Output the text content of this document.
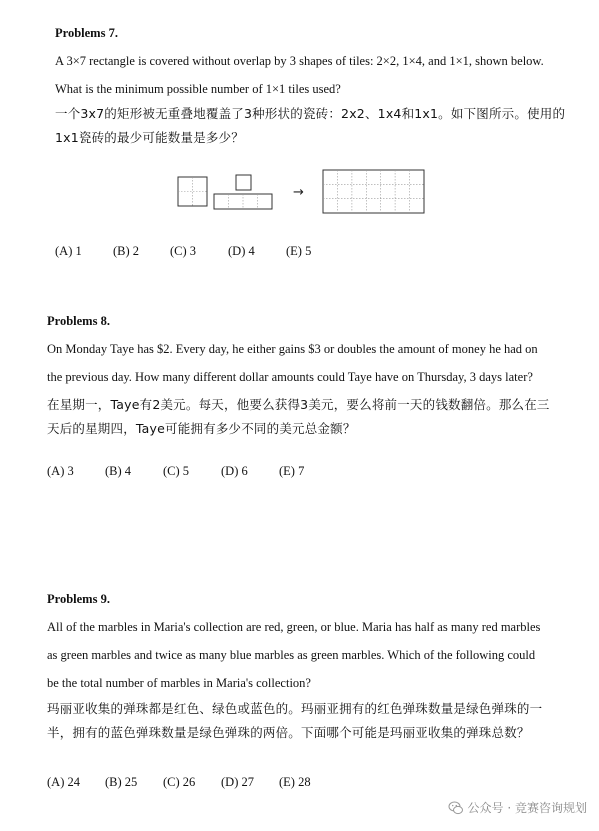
Problems 7.
A 3×7 rectangle is covered without overlap by 3 shapes of tiles: 2×2, 1×4, and 1×1, shown below.
What is the minimum possible number of 1×1 tiles used?
一个3x7的矩形被无重叠地覆盖了3种形状的瓷砖：2x2、1x4和1x1。如下图所示。使用的
1x1瓷砖的最少可能数量是多少？
→
(A) 1	(B) 2	(C) 3	(D) 4	(E) 5
Problems 8.
On Monday Taye has $2. Every day, he either gains $3 or doubles the amount of money he had on
the previous day. How many different dollar amounts could Taye have on Thursday, 3 days later?
在星期一，Taye有2美元。每天，他要么获得3美元，要么将前一天的钱数翻倍。那么在三
天后的星期四，Taye可能拥有多少不同的美元总金额？
(A) 3	(B) 4	(C) 5	(D) 6	(E) 7
Problems 9.
All of the marbles in Maria's collection are red, green, or blue. Maria has half as many red marbles
as green marbles and twice as many blue marbles as green marbles. Which of the following could
be the total number of marbles in Maria's collection?
玛丽亚收集的弹珠都是红色、绿色或蓝色的。玛丽亚拥有的红色弹珠数量是绿色弹珠的一
半，拥有的蓝色弹珠数量是绿色弹珠的两倍。下面哪个可能是玛丽亚收集的弹珠总数？
(A) 24	(B) 25	(C) 26	(D) 27	(E) 28
公众号 · 竞赛咨询规划
